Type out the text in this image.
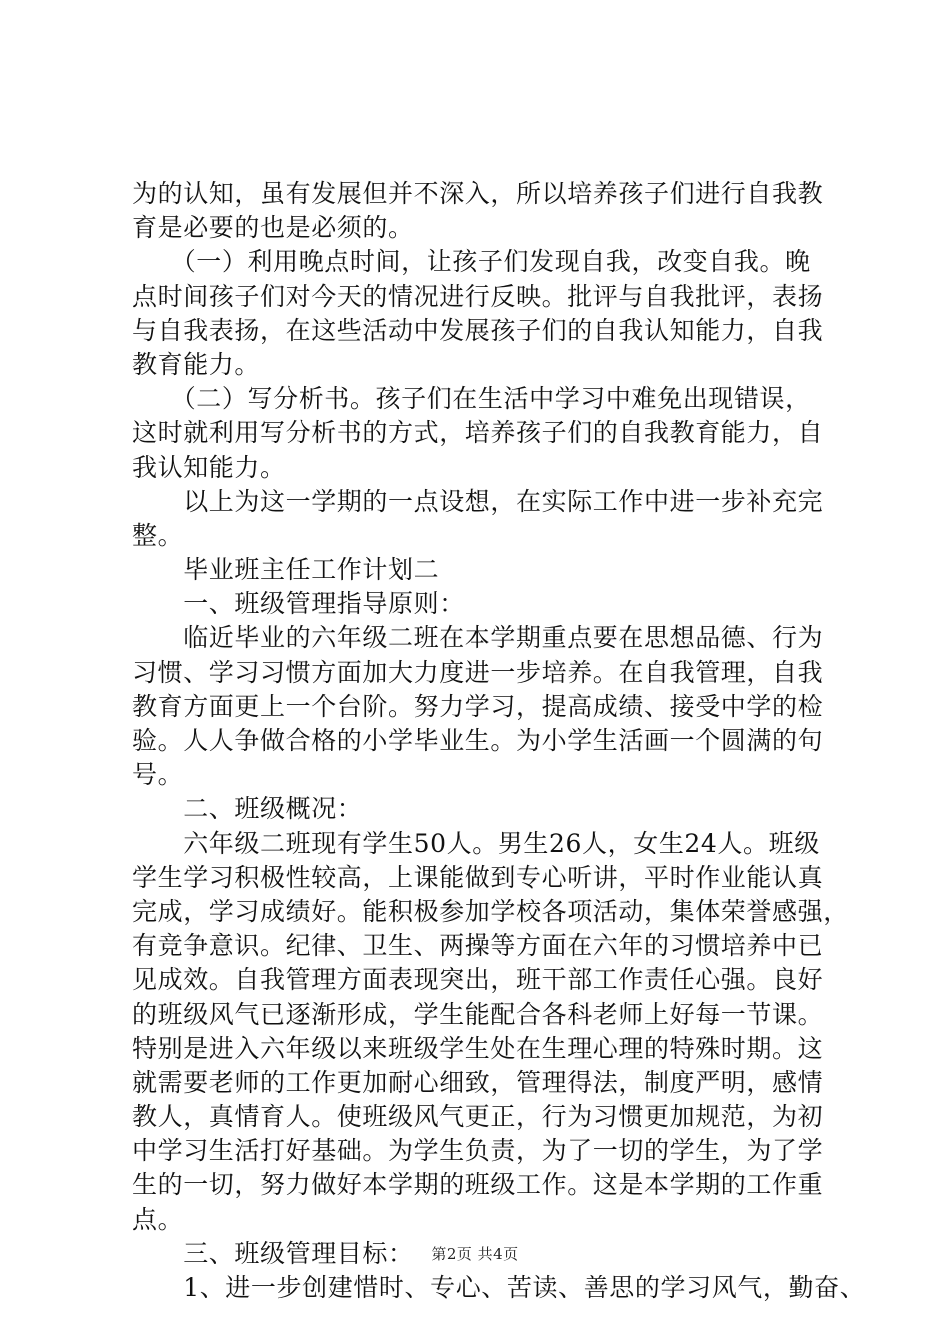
为的认知，虽有发展但并不深入，所以培养孩子们进行自我教
育是必要的也是必须的。
　　（一）利用晚点时间，让孩子们发现自我，改变自我。晚
点时间孩子们对今天的情况进行反映。批评与自我批评，表扬
与自我表扬，在这些活动中发展孩子们的自我认知能力，自我
教育能力。
　　（二）写分析书。孩子们在生活中学习中难免出现错误，
这时就利用写分析书的方式，培养孩子们的自我教育能力，自
我认知能力。
　　以上为这一学期的一点设想，在实际工作中进一步补充完
整。
　　毕业班主任工作计划二
　　一、班级管理指导原则：
　　临近毕业的六年级二班在本学期重点要在思想品德、行为
习惯、学习习惯方面加大力度进一步培养。在自我管理，自我
教育方面更上一个台阶。努力学习，提高成绩、接受中学的检
验。人人争做合格的小学毕业生。为小学生活画一个圆满的句
号。
　　二、班级概况：
　　六年级二班现有学生50人。男生26人，女生24人。班级
学生学习积极性较高，上课能做到专心听讲，平时作业能认真
完成，学习成绩好。能积极参加学校各项活动，集体荣誉感强，
有竞争意识。纪律、卫生、两操等方面在六年的习惯培养中已
见成效。自我管理方面表现突出，班干部工作责任心强。良好
的班级风气已逐渐形成，学生能配合各科老师上好每一节课。
特别是进入六年级以来班级学生处在生理心理的特殊时期。这
就需要老师的工作更加耐心细致，管理得法，制度严明，感情
教人，真情育人。使班级风气更正，行为习惯更加规范，为初
中学习生活打好基础。为学生负责，为了一切的学生，为了学
生的一切，努力做好本学期的班级工作。这是本学期的工作重
点。
　　三、班级管理目标：
　　1、进一步创建惜时、专心、苦读、善思的学习风气，勤奋、
第2页 共4页
